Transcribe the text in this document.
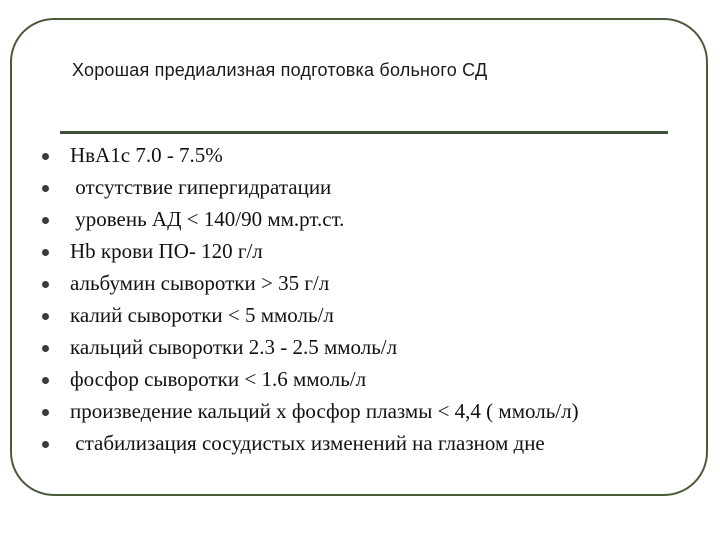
Хорошая предиализная подготовка больного СД
НвА1с 7.0 - 7.5%
отсутствие гипергидратации
уровень АД < 140/90 мм.рт.ст.
Hb крови ПО- 120 г/л
альбумин сыворотки > 35 г/л
калий сыворотки < 5 ммоль/л
кальций сыворотки 2.3 - 2.5 ммоль/л
фосфор сыворотки < 1.6 ммоль/л
произведение кальций х фосфор плазмы < 4,4 ( ммоль/л)
стабилизация сосудистых изменений на глазном дне
